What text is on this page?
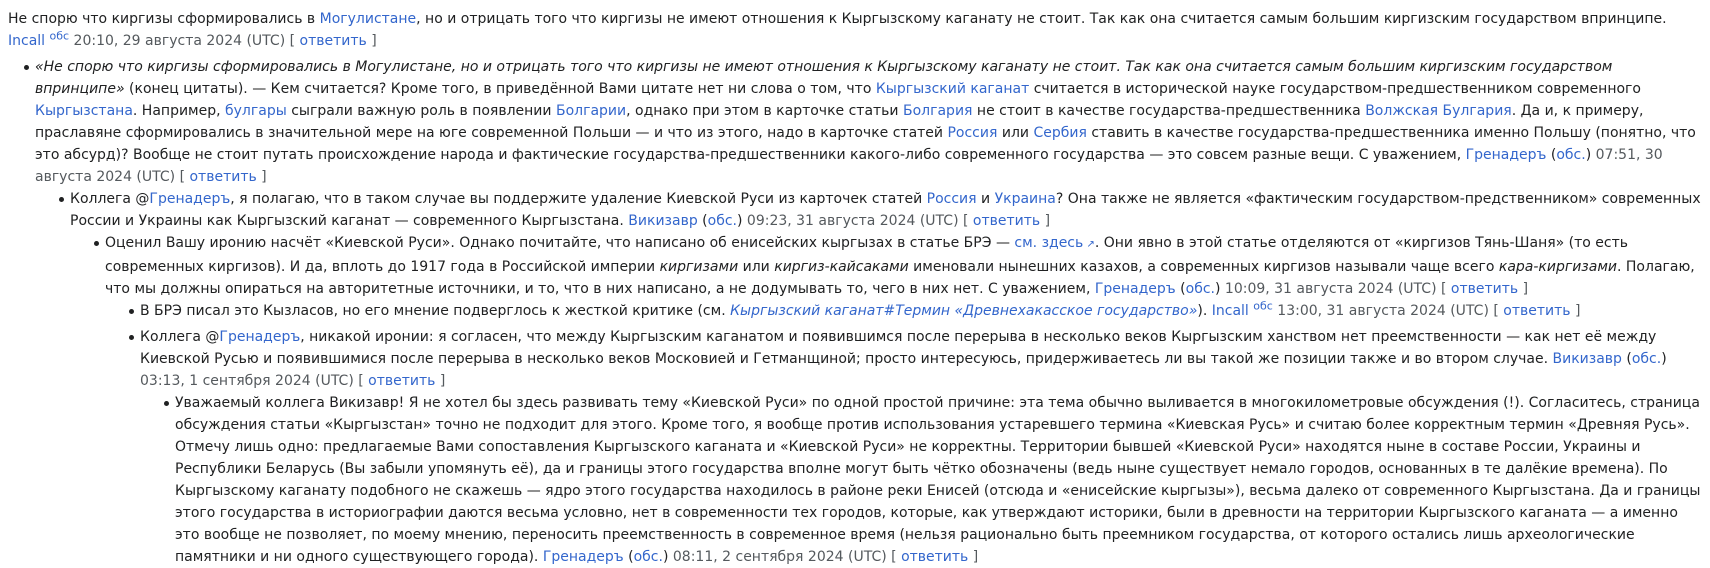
Не спорю что киргизы сформировались в Могулистане, но и отрицать того что киргизы не имеют отношения к Кыргызскому каганату не стоит. Так как она считается самым большим киргизским государством впринципе. Incall $^{обс}$ 20:10, 29 августа 2024 (UTC) [ ответить ]

«Не спорю что киргизы сформировались в Могулистане, но и отрицать того что киргизы не имеют отношения к Кыргызскому каганату не стоит. Так как она считается самым большим киргизским государством впринципе» (конец цитаты). — Кем считается? Кроме того, в приведённой Вами цитате нет ни слова о том, что Кыргызский каганат считается в исторической науке государством-предшественником современного Кыргызстана. Например, булгары сыграли важную роль в появлении Болгарии, однако при этом в карточке статьи Болгария не стоит в качестве государства-предшественника Волжская Булгария. Да и, к примеру, праславяне сформировались в значительной мере на юге современной Польши — и что из этого, надо в карточке статей Россия или Сербия ставить в качестве государства-предшественника именно Польшу (понятно, что это абсурд)? Вообще не стоит путать происхождение народа и фактические государства-предшественники какого-либо современного государства — это совсем разные вещи. С уважением, Гренадеръ (обс.) 07:51, 30 августа 2024 (UTC) [ ответить ]
Коллега @Гренадеръ, я полагаю, что в таком случае вы поддержите удаление Киевской Руси из карточек статей Россия и Украина? Она также не является «фактическим государством-предственником» современных России и Украины как Кыргызский каганат — современного Кыргызстана. Викизавр (обс.) 09:23, 31 августа 2024 (UTC) [ ответить ]
Оценил Вашу иронию насчёт «Киевской Руси». Однако почитайте, что написано об енисейских кыргызах в статье БРЭ — см. здесь ↗ . Они явно в этой статье отделяются от «киргизов Тянь-Шаня» (то есть современных киргизов). И да, вплоть до 1917 года в Российской империи киргизами или киргиз-кайсаками именовали нынешних казахов, а современных киргизов называли чаще всего кара-киргизами. Полагаю, что мы должны опираться на авторитетные источники, и то, что в них написано, а не додумывать то, чего в них нет. С уважением, Гренадеръ (обс.) 10:09, 31 августа 2024 (UTC) [ ответить ]
В БРЭ писал это Кызласов, но его мнение подверглось к жесткой критике (см. Кыргызский каганат#Термин «Древнехакасское государство»). Incall $^{обс}$ 13:00, 31 августа 2024 (UTC) [ ответить ]
Коллега @Гренадеръ, никакой иронии: я согласен, что между Кыргызским каганатом и появившимся после перерыва в несколько веков Кыргызским ханством нет преемственности — как нет её между Киевской Русью и появившимися после перерыва в несколько веков Московией и Гетманщиной; просто интересуюсь, придерживаетесь ли вы такой же позиции также и во втором случае. Викизавр (обс.) 03:13, 1 сентября 2024 (UTC) [ ответить ]
Уважаемый коллега Викизавр! Я не хотел бы здесь развивать тему «Киевской Руси» по одной простой причине: эта тема обычно выливается в многокилометровые обсуждения (!). Согласитесь, страница обсуждения статьи «Кыргызстан» точно не подходит для этого. Кроме того, я вообще против использования устаревшего термина «Киевская Русь» и считаю более корректным термин «Древняя Русь». Отмечу лишь одно: предлагаемые Вами сопоставления Кыргызского каганата и «Киевской Руси» не корректны. Территории бывшей «Киевской Руси» находятся ныне в составе России, Украины и Республики Беларусь (Вы забыли упомянуть её), да и границы этого государства вполне могут быть чётко обозначены (ведь ныне существует немало городов, основанных в те далёкие времена). По Кыргызскому каганату подобного не скажешь — ядро этого государства находилось в районе реки Енисей (отсюда и «енисейские кыргызы»), весьма далеко от современного Кыргызстана. Да и границы этого государства в историографии даются весьма условно, нет в современности тех городов, которые, как утверждают историки, были в древности на территории Кыргызского каганата — а именно это вообще не позволяет, по моему мнению, переносить преемственность в современное время (нельзя рационально быть преемником государства, от которого остались лишь археологические памятники и ни одного существующего города). Гренадеръ (обс.) 08:11, 2 сентября 2024 (UTC) [ ответить ]
